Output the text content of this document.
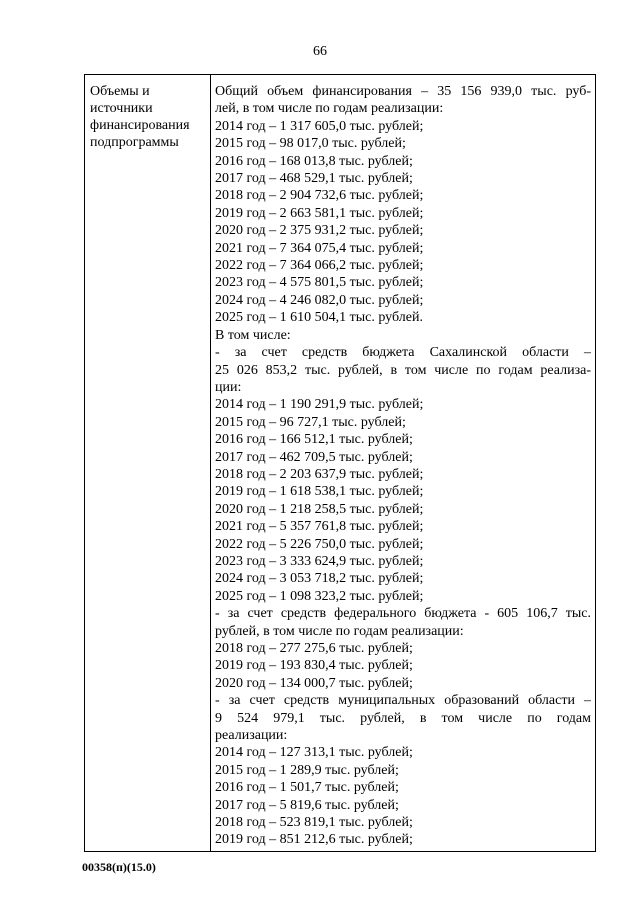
66
Объемы и
источники
финансирования
подпрограммы
Общий объем финансирования – 35 156 939,0 тыс. руб-
лей, в том числе по годам реализации:
2014 год – 1 317 605,0 тыс. рублей;
2015 год – 98 017,0 тыс. рублей;
2016 год – 168 013,8 тыс. рублей;
2017 год – 468 529,1 тыс. рублей;
2018 год – 2 904 732,6 тыс. рублей;
2019 год – 2 663 581,1 тыс. рублей;
2020 год – 2 375 931,2 тыс. рублей;
2021 год – 7 364 075,4 тыс. рублей;
2022 год – 7 364 066,2 тыс. рублей;
2023 год – 4 575 801,5 тыс. рублей;
2024 год – 4 246 082,0 тыс. рублей;
2025 год – 1 610 504,1 тыс. рублей.
В том числе:
- за счет средств бюджета Сахалинской области –
25 026 853,2 тыс. рублей, в том числе по годам реализа-
ции:
2014 год – 1 190 291,9 тыс. рублей;
2015 год – 96 727,1 тыс. рублей;
2016 год – 166 512,1 тыс. рублей;
2017 год – 462 709,5 тыс. рублей;
2018 год – 2 203 637,9 тыс. рублей;
2019 год – 1 618 538,1 тыс. рублей;
2020 год – 1 218 258,5 тыс. рублей;
2021 год – 5 357 761,8 тыс. рублей;
2022 год – 5 226 750,0 тыс. рублей;
2023 год – 3 333 624,9 тыс. рублей;
2024 год – 3 053 718,2 тыс. рублей;
2025 год – 1 098 323,2 тыс. рублей;
- за счет средств федерального бюджета - 605 106,7 тыс.
рублей, в том числе по годам реализации:
2018 год – 277 275,6 тыс. рублей;
2019 год – 193 830,4 тыс. рублей;
2020 год – 134 000,7 тыс. рублей;
- за счет средств муниципальных образований области –
9 524 979,1 тыс. рублей, в том числе по годам
реализации:
2014 год – 127 313,1 тыс. рублей;
2015 год – 1 289,9 тыс. рублей;
2016 год – 1 501,7 тыс. рублей;
2017 год – 5 819,6 тыс. рублей;
2018 год – 523 819,1 тыс. рублей;
2019 год – 851 212,6 тыс. рублей;
00358(п)(15.0)
